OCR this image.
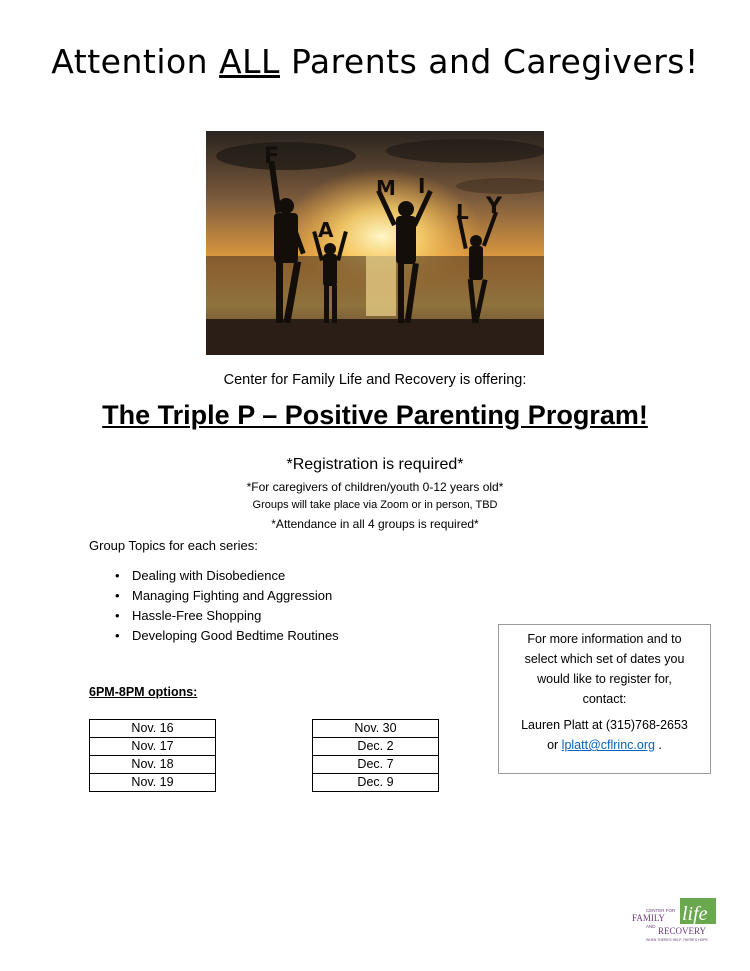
Attention ALL Parents and Caregivers!
F
A
M I
L Y
Center for Family Life and Recovery is offering:
The Triple P – Positive Parenting Program!
*Registration is required*
*For caregivers of children/youth 0-12 years old*
Groups will take place via Zoom or in person, TBD
*Attendance in all 4 groups is required*
Group Topics for each series:
• Dealing with Disobedience
• Managing Fighting and Aggression
• Hassle-Free Shopping
• Developing Good Bedtime Routines
6PM-8PM options:
Nov. 16
Nov. 17
Nov. 18
Nov. 19
Nov. 30
Dec. 2
Dec. 7
Dec. 9
For more information and to
select which set of dates you
would like to register for,
contact:
Lauren Platt at (315)768-2653
or lplatt@cflrinc.org .
CENTER FOR
FAMILY life
AND RECOVERY
WHEN THERE'S HELP, THERE'S HOPE.
